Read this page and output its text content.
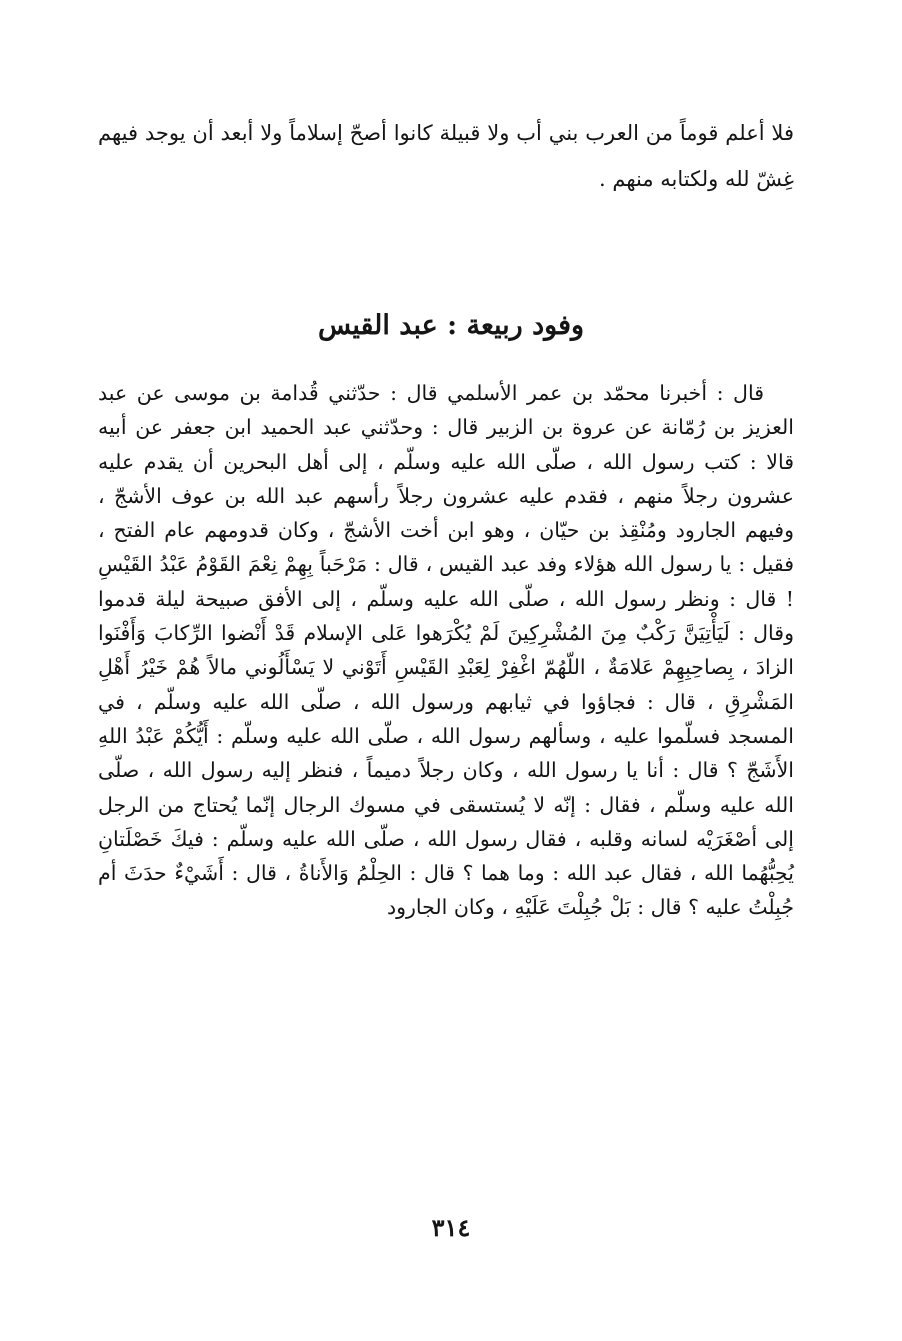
فلا أعلم قوماً من العرب بني أب ولا قبيلة كانوا أصحّ إسلاماً ولا أبعد أن يوجد فيهم غِشّ لله ولكتابه منهم .
وفود ربيعة : عبد القيس

قال : أخبرنا محمّد بن عمر الأسلمي قال : حدّثني قُدامة بن موسى عن عبد العزيز بن رُمّانة عن عروة بن الزبير قال : وحدّثني عبد الحميد ابن جعفر عن أبيه قالا : كتب رسول الله ، صلّى الله عليه وسلّم ، إلى أهل البحرين أن يقدم عليه عشرون رجلاً منهم ، فقدم عليه عشرون رجلاً رأسهم عبد الله بن عوف الأشجّ ، وفيهم الجارود ومُنْقِذ بن حيّان ، وهو ابن أخت الأشجّ ، وكان قدومهم عام الفتح ، فقيل : يا رسول الله هؤلاء وفد عبد القيس ، قال : مَرْحَباً بِهِمْ نِعْمَ القَوْمُ عَبْدُ القَيْسِ ! قال : ونظر رسول الله ، صلّى الله عليه وسلّم ، إلى الأفق صبيحة ليلة قدموا وقال : لَيَأْتِيَنَّ رَكْبٌ مِنَ المُشْرِكِينَ لَمْ يُكْرَهوا عَلى الإسلام قَدْ أَنْضوا الرِّكابَ وَأَفْنَوا الزادَ ، بِصاحِبِهِمْ عَلامَةٌ ، اللّهُمّ اغْفِرْ لِعَبْدِ القَيْسِ أَتَوْني لا يَسْأَلُوني مالاً هُمْ خَيْرُ أَهْلِ المَشْرِقِ ، قال : فجاؤوا في ثيابهم ورسول الله ، صلّى الله عليه وسلّم ، في المسجد فسلّموا عليه ، وسألهم رسول الله ، صلّى الله عليه وسلّم : أَيُّكُمْ عَبْدُ اللهِ الأَشَجّ ؟ قال : أنا يا رسول الله ، وكان رجلاً دميماً ، فنظر إليه رسول الله ، صلّى الله عليه وسلّم ، فقال : إنّه لا يُستسقى في مسوك الرجال إنّما يُحتاج من الرجل إلى أصْغَرَيْه لسانه وقلبه ، فقال رسول الله ، صلّى الله عليه وسلّم : فيكَ خَصْلَتانِ يُحِبُّهُما الله ، فقال عبد الله : وما هما ؟ قال : الحِلْمُ وَالأَناةُ ، قال : أَشَيْءٌ حدَثَ أم جُبِلْتُ عليه ؟ قال : بَلْ جُبِلْتَ عَلَيْهِ ، وكان الجارود

٣١٤
